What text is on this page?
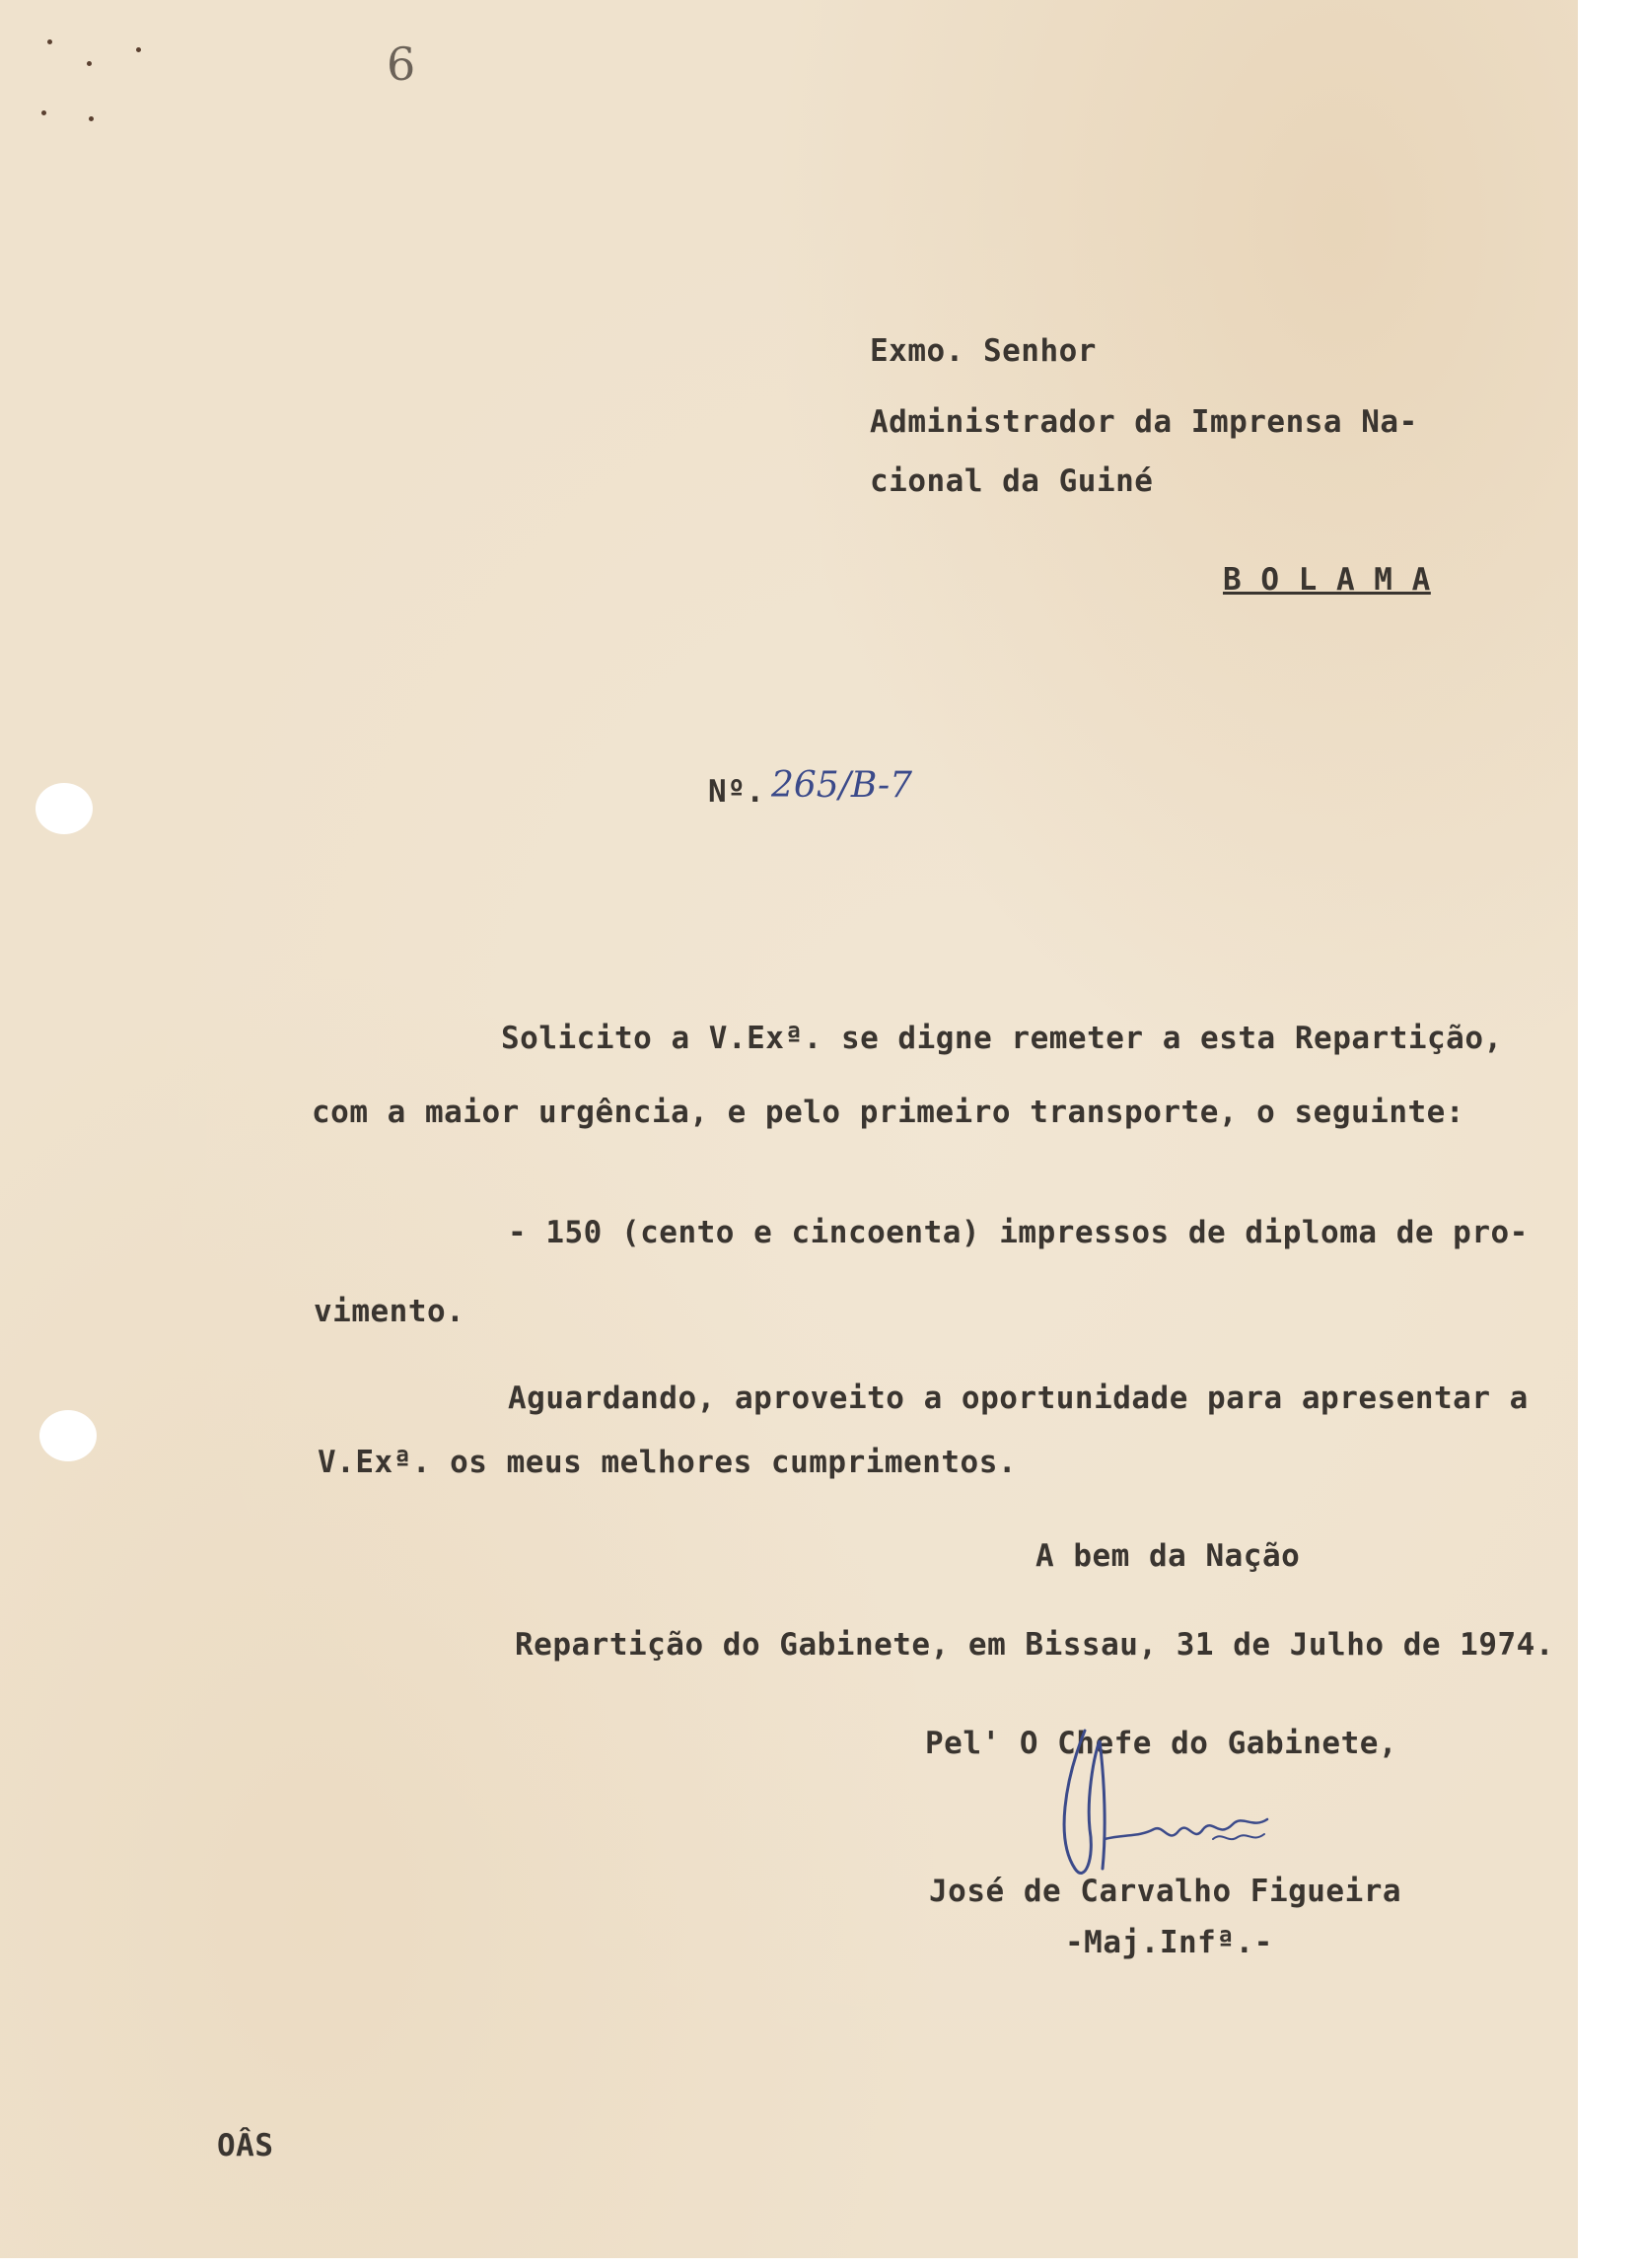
6
Exmo. Senhor
Administrador da Imprensa Na-
cional da Guiné
B O L A M A
Nº. 265/B-7
Solicito a V.Exª. se digne remeter a esta Repartição,
com a maior urgência, e pelo primeiro transporte, o seguinte:
- 150 (cento e cincoenta) impressos de diploma de pro-
vimento.
Aguardando, aproveito a oportunidade para apresentar a
V.Exª. os meus melhores cumprimentos.
A bem da Nação
Repartição do Gabinete, em Bissau, 31 de Julho de 1974.
Pel' O Chefe do Gabinete,
José de Carvalho Figueira
-Maj.Infª.-
OÂS
